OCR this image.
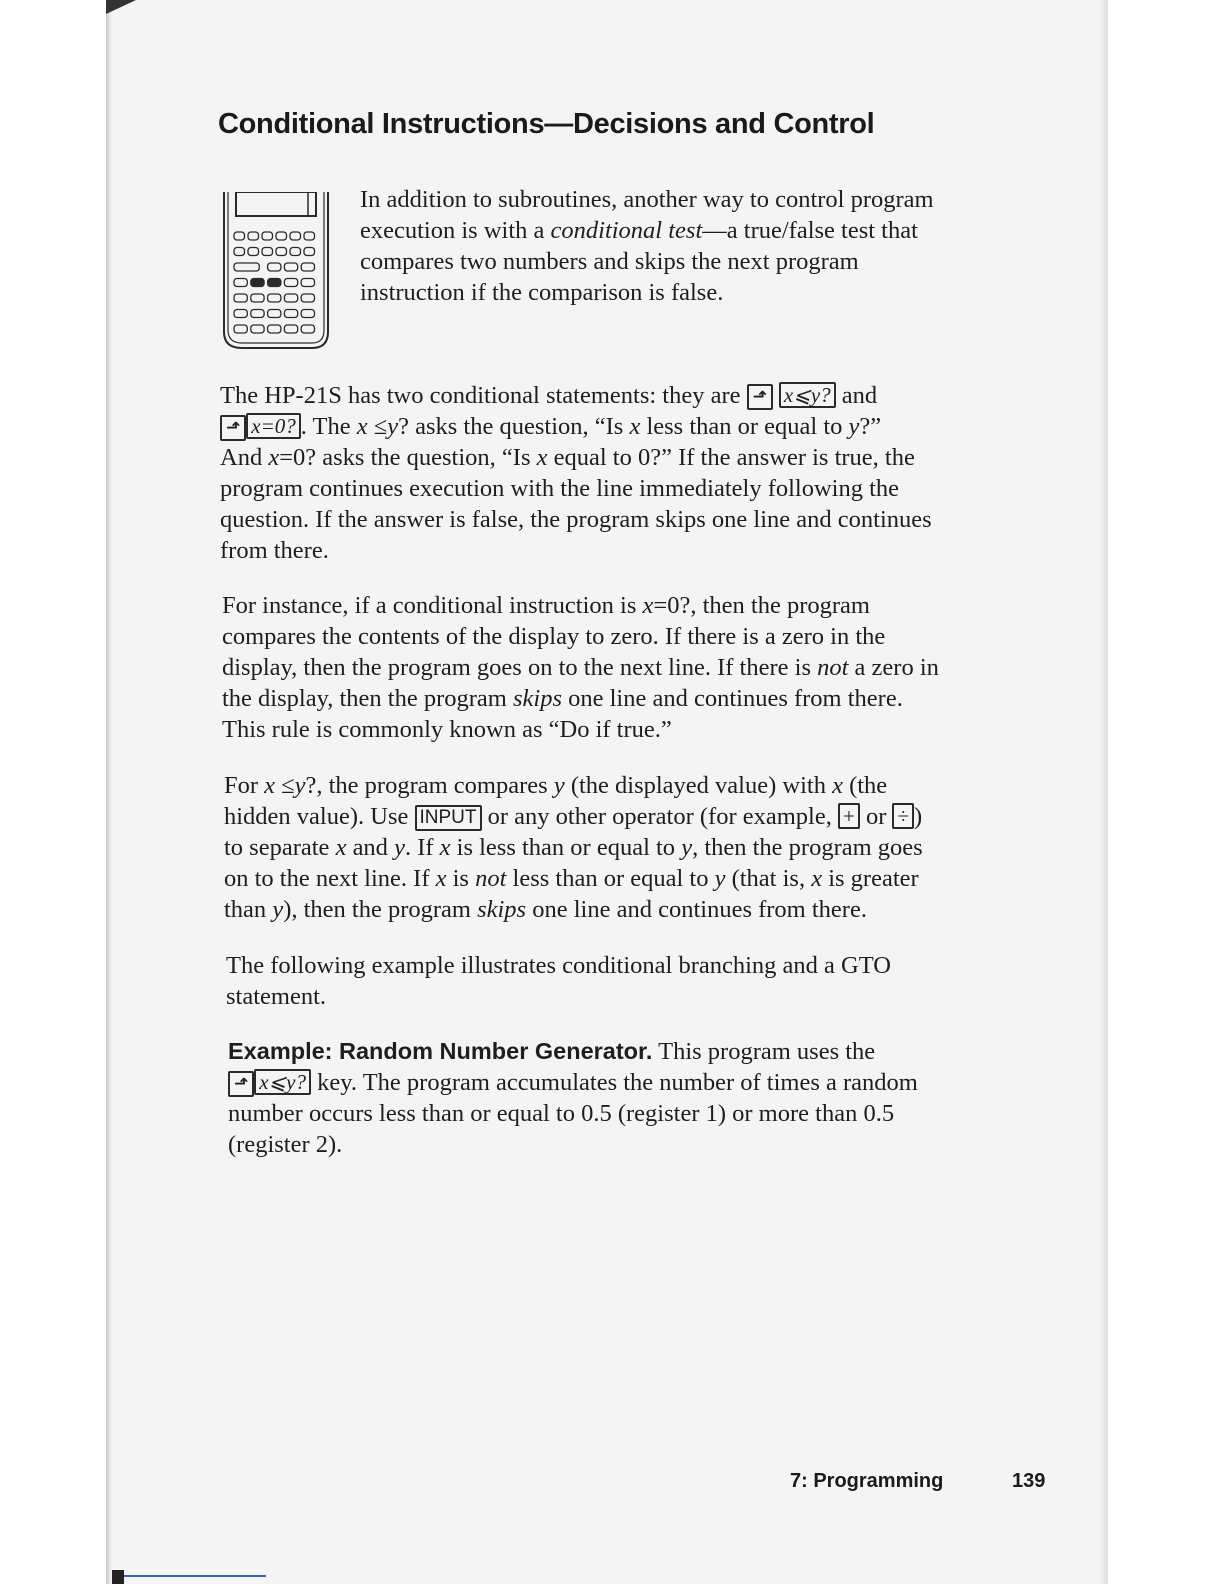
Conditional Instructions—Decisions and Control
In addition to subroutines, another way to control program
execution is with a conditional test—a true/false test that
compares two numbers and skips the next program
instruction if the comparison is false.
The HP-21S has two conditional statements: they are ⬏ x⩽y? and
⬏ x=0? . The x ≤y? asks the question, “Is x less than or equal to y?”
And x=0? asks the question, “Is x equal to 0?” If the answer is true, the
program continues execution with the line immediately following the
question. If the answer is false, the program skips one line and continues
from there.
For instance, if a conditional instruction is x=0?, then the program
compares the contents of the display to zero. If there is a zero in the
display, then the program goes on to the next line. If there is not a zero in
the display, then the program skips one line and continues from there.
This rule is commonly known as “Do if true.”
For x ≤y?, the program compares y (the displayed value) with x (the
hidden value). Use INPUT or any other operator (for example, + or ÷ )
to separate x and y. If x is less than or equal to y, then the program goes
on to the next line. If x is not less than or equal to y (that is, x is greater
than y), then the program skips one line and continues from there.
The following example illustrates conditional branching and a GTO
statement.
Example: Random Number Generator. This program uses the
⬏ x⩽y? key. The program accumulates the number of times a random
number occurs less than or equal to 0.5 (register 1) or more than 0.5
(register 2).
7: Programming	139
